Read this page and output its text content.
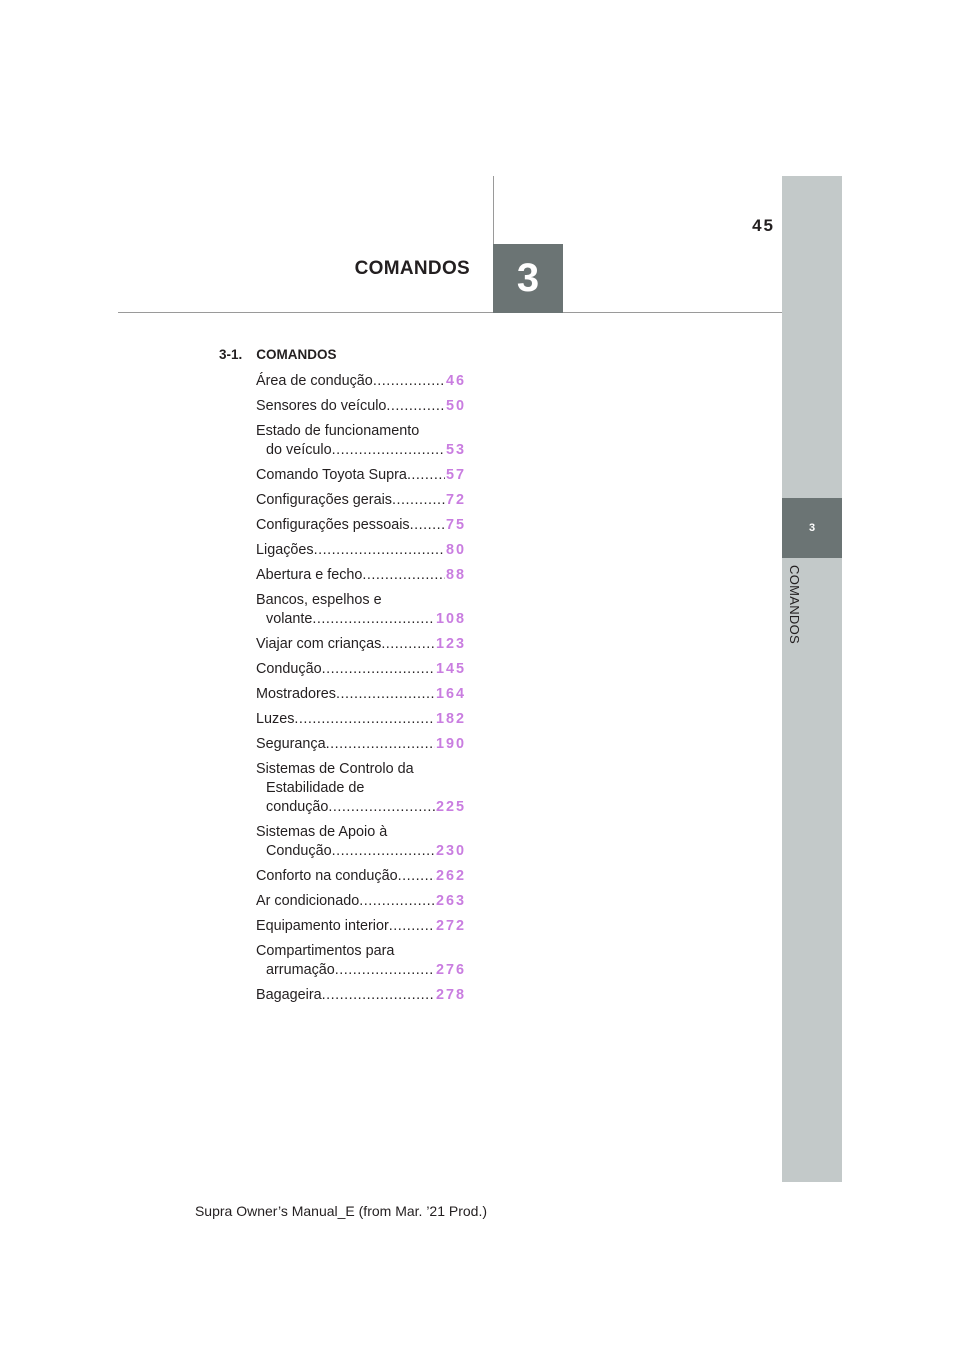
45
COMANDOS	3
3
COMANDOS
3-1. COMANDOS
Área de condução .....	46
Sensores do veículo .....	50
Estado de funcionamento
do veículo .....	53
Comando Toyota Supra .....	57
Configurações gerais .....	72
Configurações pessoais .....	75
Ligações .....	80
Abertura e fecho .....	88
Bancos, espelhos e
volante .....	108
Viajar com crianças .....	123
Condução .....	145
Mostradores .....	164
Luzes .....	182
Segurança .....	190
Sistemas de Controlo da
Estabilidade de
condução .....	225
Sistemas de Apoio à
Condução .....	230
Conforto na condução .....	262
Ar condicionado .....	263
Equipamento interior .....	272
Compartimentos para
arrumação .....	276
Bagageira .....	278
Supra Owner’s Manual_E (from Mar. ’21 Prod.)
